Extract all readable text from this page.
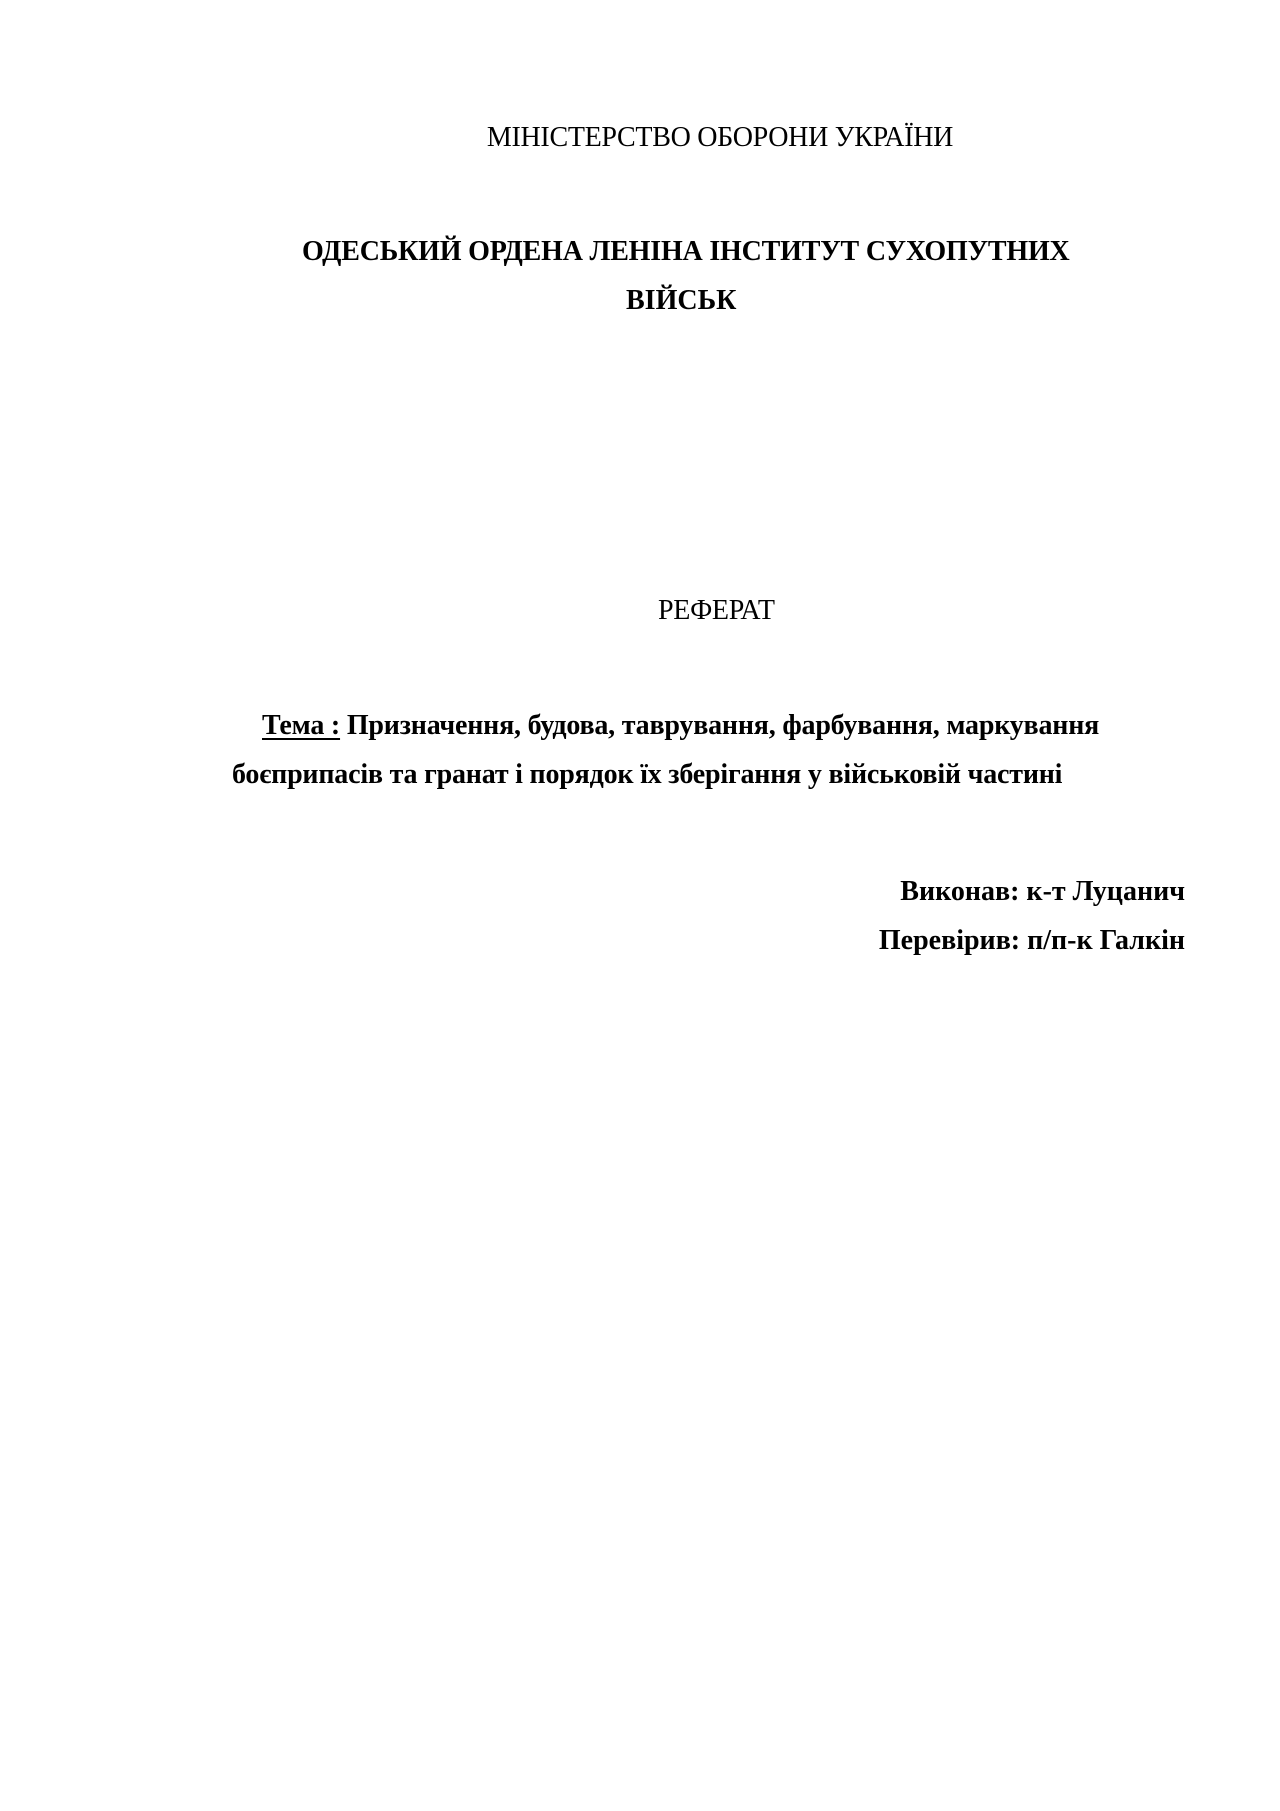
МІНІСТЕРСТВО ОБОРОНИ УКРАЇНИ
ОДЕСЬКИЙ ОРДЕНА ЛЕНІНА ІНСТИТУТ СУХОПУТНИХ
ВІЙСЬК
РЕФЕРАТ
Тема : Призначення, будова, таврування, фарбування, маркування
боєприпасів та гранат і порядок їх зберігання у військовій частині
Виконав: к-т Луцанич
Перевірив: п/п-к Галкін
